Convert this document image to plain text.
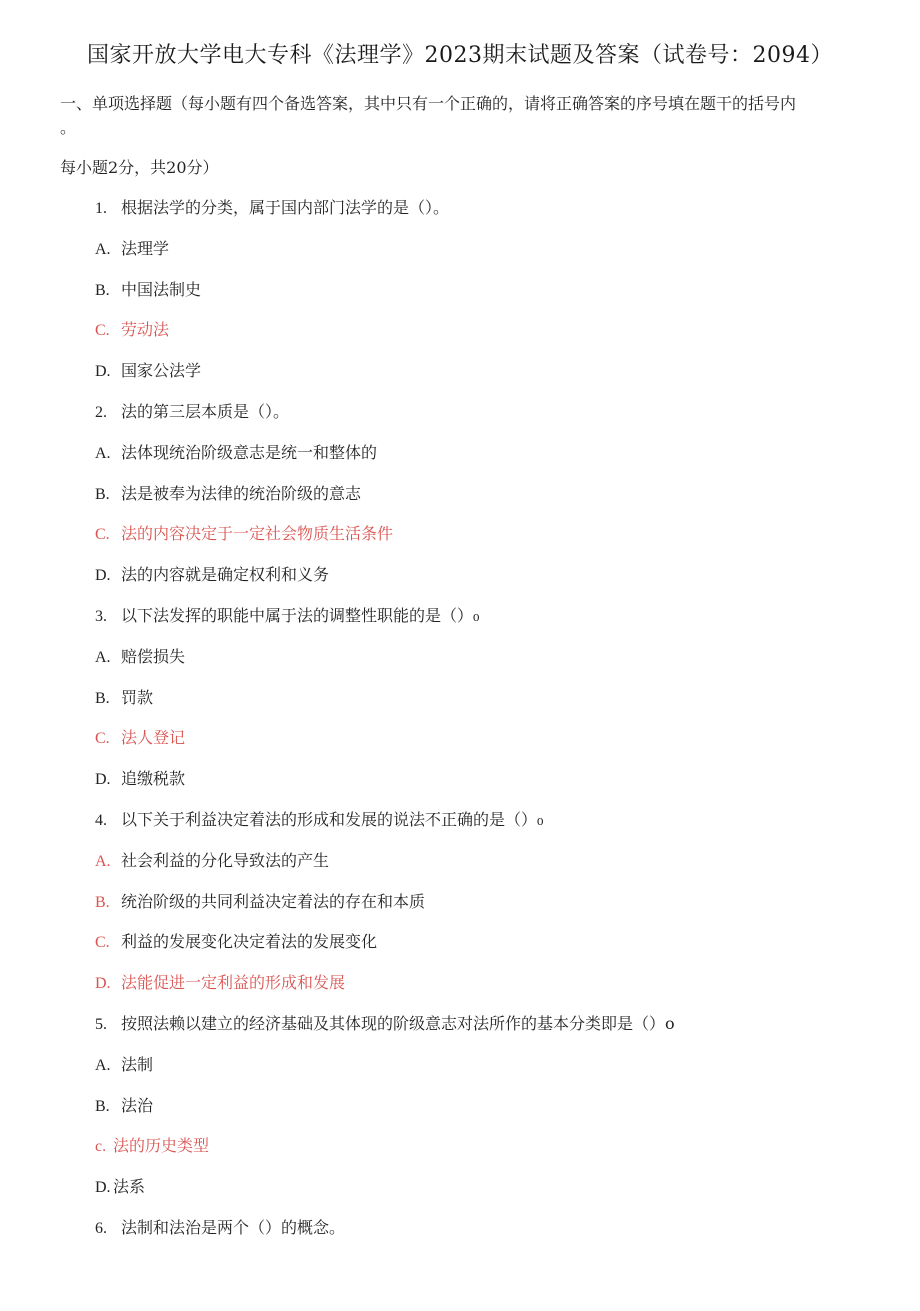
国家开放大学电大专科《法理学》2023期末试题及答案（试卷号：2094）
一、单项选择题（每小题有四个备选答案，其中只有一个正确的，请将正确答案的序号填在题干的括号内
。
每小题2分，共20分）
1. 根据法学的分类，属于国内部门法学的是（）。
A. 法理学
B. 中国法制史
C. 劳动法
D. 国家公法学
2. 法的第三层本质是（）。
A. 法体现统治阶级意志是统一和整体的
B. 法是被奉为法律的统治阶级的意志
C. 法的内容决定于一定社会物质生活条件
D. 法的内容就是确定权利和义务
3. 以下法发挥的职能中属于法的调整性职能的是（）₀
A. 赔偿损失
B. 罚款
C. 法人登记
D. 追缴税款
4. 以下关于利益决定着法的形成和发展的说法不正确的是（）₀
A. 社会利益的分化导致法的产生
B. 统治阶级的共同利益决定着法的存在和本质
C. 利益的发展变化决定着法的发展变化
D. 法能促进一定利益的形成和发展
5. 按照法赖以建立的经济基础及其体现的阶级意志对法所作的基本分类即是（）o
A. 法制
B. 法治
c. 法的历史类型
D. 法系
6. 法制和法治是两个（）的概念。
